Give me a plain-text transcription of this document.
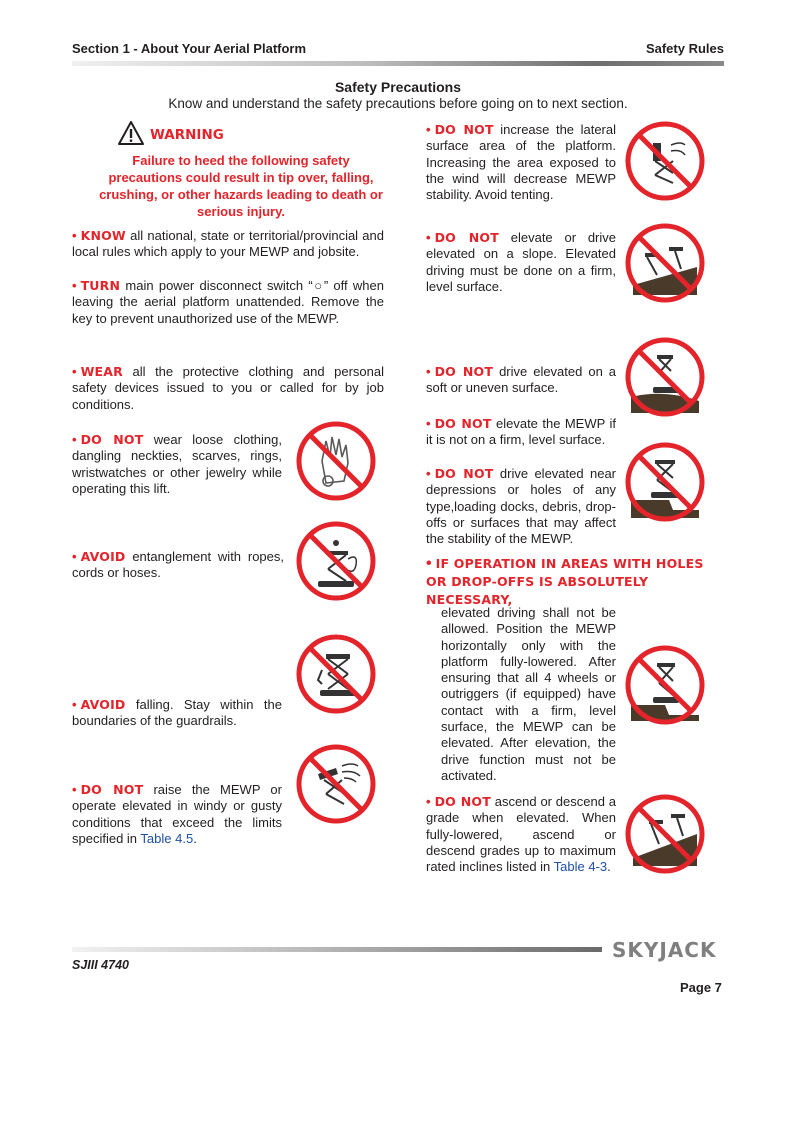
Section 1 - About Your Aerial Platform	Safety Rules
Safety Precautions
Know and understand the safety precautions before going on to next section.
WARNING
Failure to heed the following safety precautions could result in tip over, falling, crushing, or other hazards leading to death or serious injury.
• KNOW all national, state or territorial/provincial and local rules which apply to your MEWP and jobsite.
• TURN main power disconnect switch “○” off when leaving the aerial platform unattended. Remove the key to prevent unauthorized use of the MEWP.
• WEAR all the protective clothing and personal safety devices issued to you or called for by job conditions.
• DO NOT wear loose clothing, dangling neckties, scarves, rings, wristwatches or other jewelry while operating this lift.
• AVOID entanglement with ropes, cords or hoses.
• AVOID falling. Stay within the boundaries of the guardrails.
• DO NOT raise the MEWP or operate elevated in windy or gusty conditions that exceed the limits specified in Table 4.5.
• DO NOT increase the lateral surface area of the platform. Increasing the area exposed to the wind will decrease MEWP stability. Avoid tenting.
• DO NOT elevate or drive elevated on a slope. Elevated driving must be done on a firm, level surface.
• DO NOT drive elevated on a soft or uneven surface.
• DO NOT elevate the MEWP if it is not on a firm, level surface.
• DO NOT drive elevated near depressions or holes of any type,loading docks, debris, drop-offs or surfaces that may affect the stability of the MEWP.
• IF OPERATION IN AREAS WITH HOLES OR DROP-OFFS IS ABSOLUTELY NECESSARY,
elevated driving shall not be allowed. Position the MEWP horizontally only with the platform fully-lowered. After ensuring that all 4 wheels or outriggers (if equipped) have contact with a firm, level surface, the MEWP can be elevated. After elevation, the drive function must not be activated.
• DO NOT ascend or descend a grade when elevated. When fully-lowered, ascend or descend grades up to maximum rated inclines listed in Table 4-3.
SKYJACK
SJIII 4740
Page 7
